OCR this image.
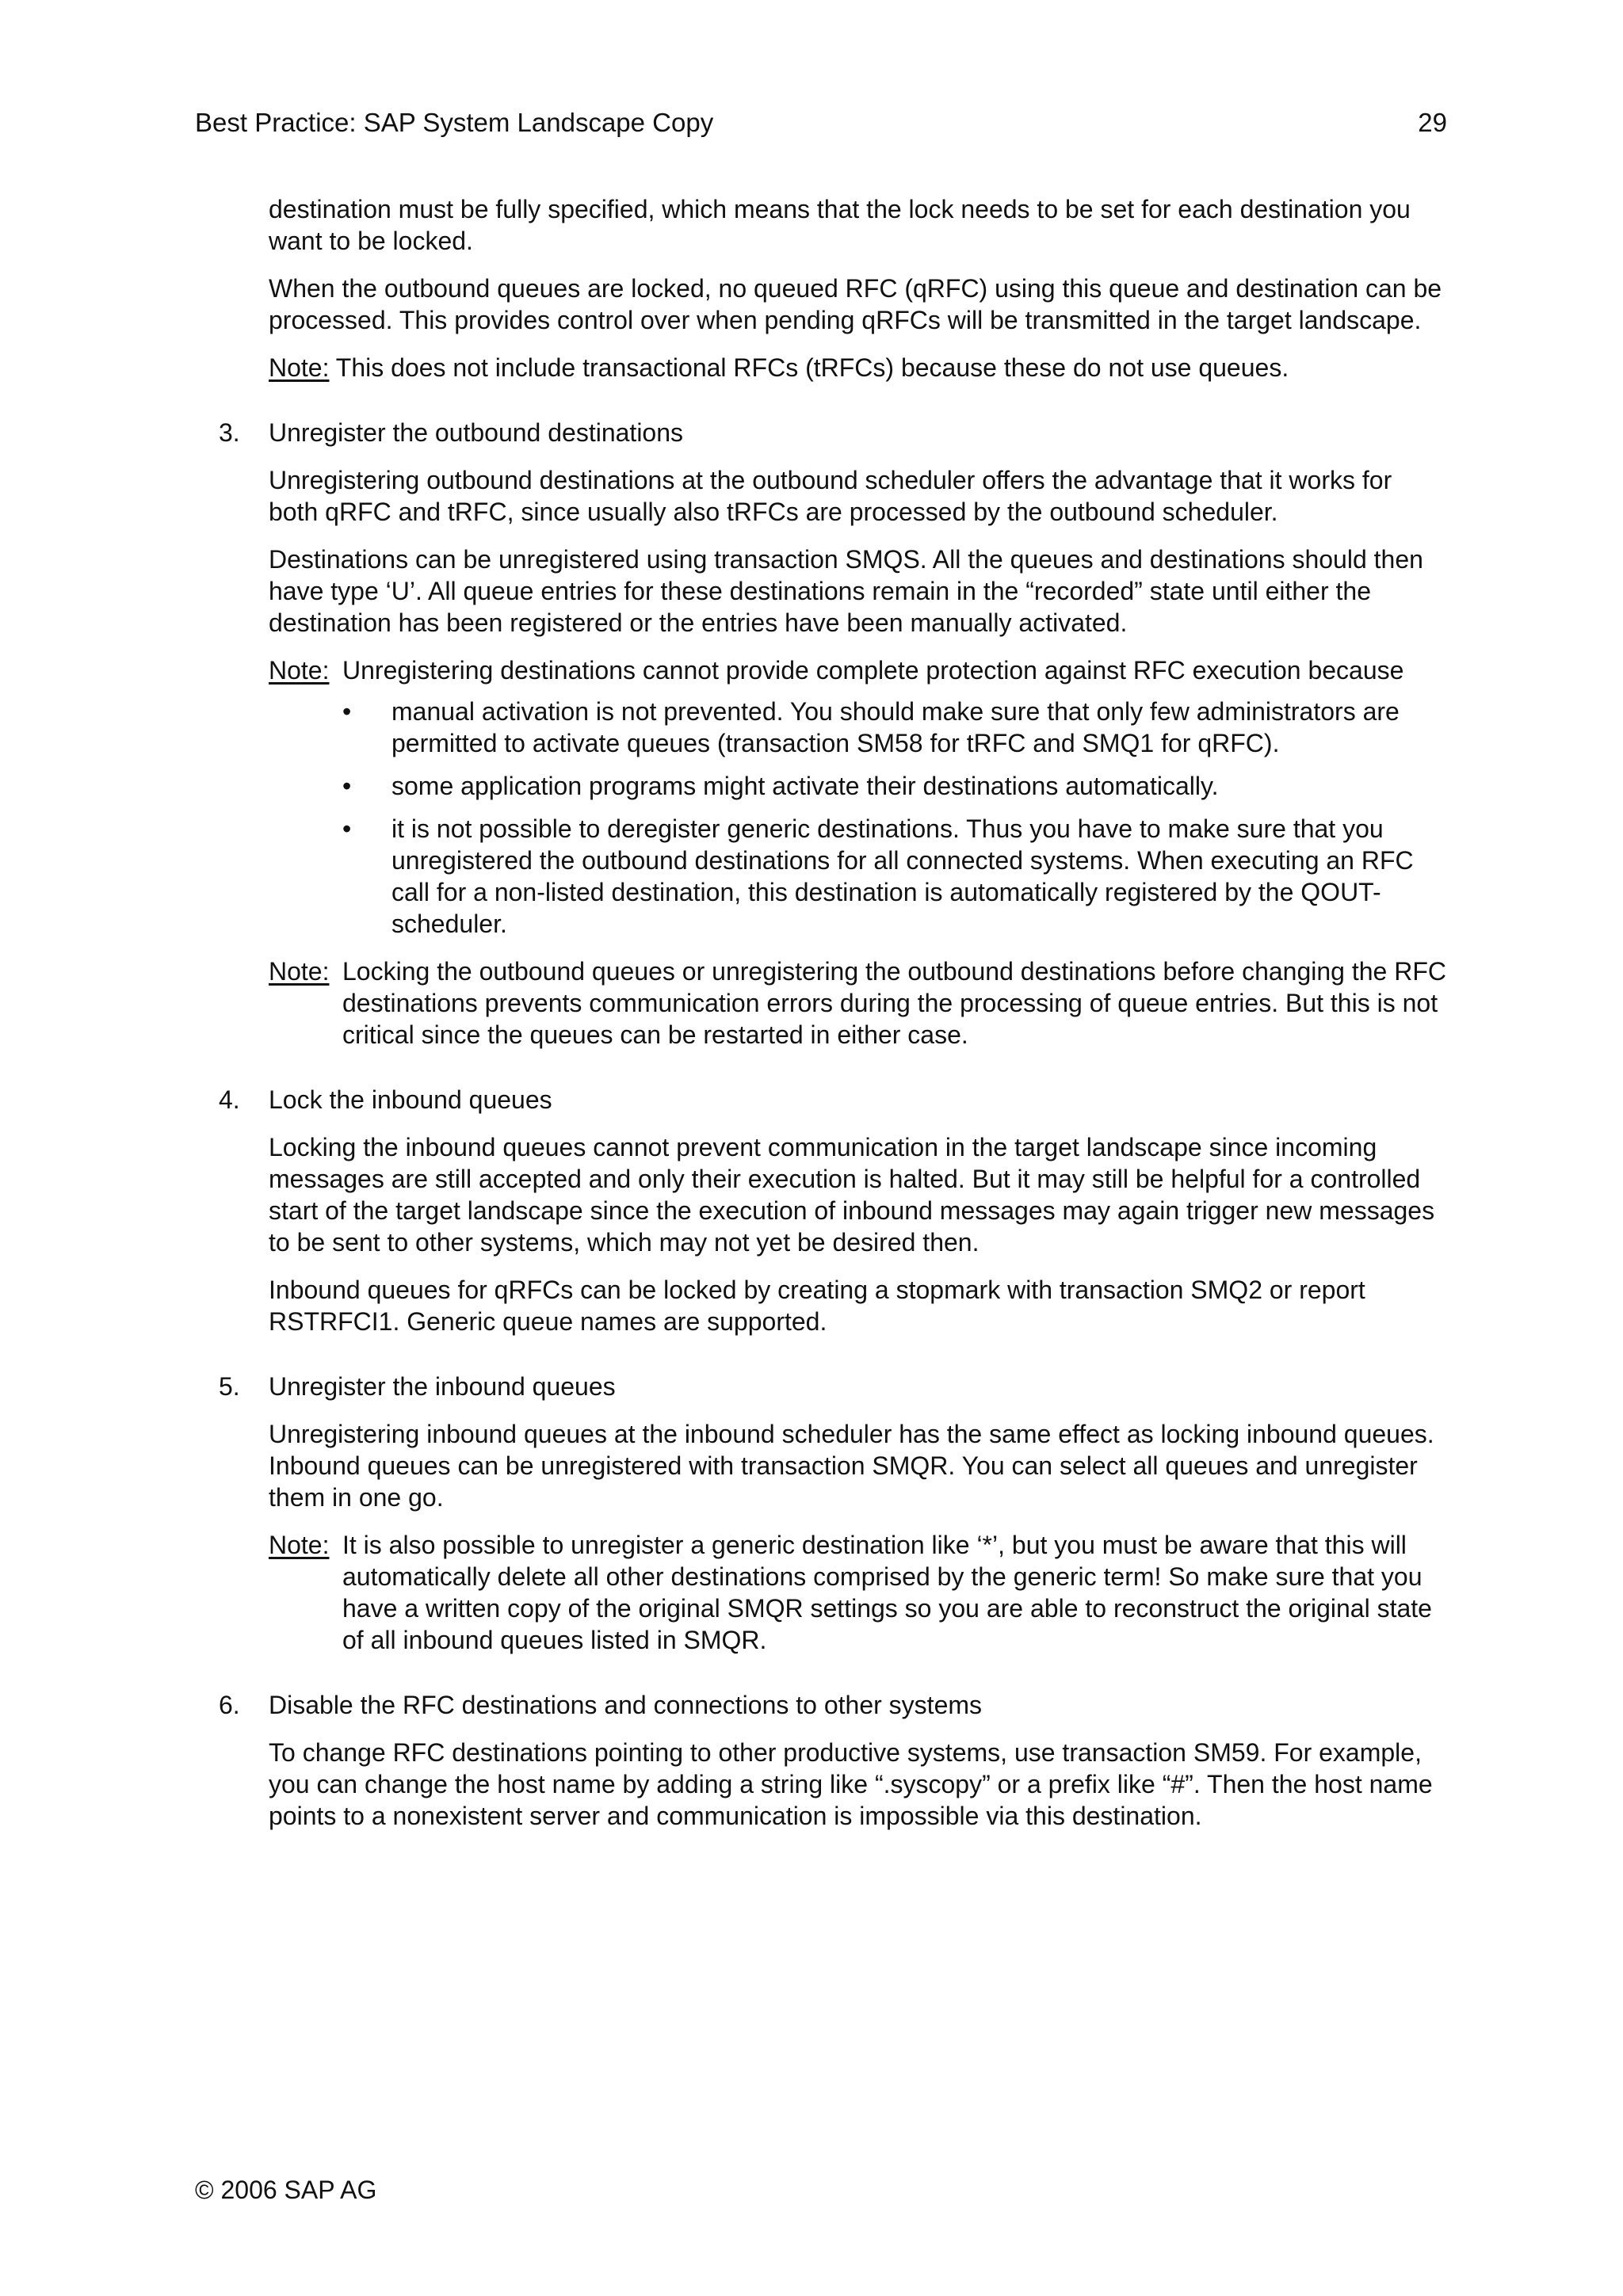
Best Practice: SAP System Landscape Copy	29

destination must be fully specified, which means that the lock needs to be set for each destination you want to be locked.

When the outbound queues are locked, no queued RFC (qRFC) using this queue and destination can be processed. This provides control over when pending qRFCs will be transmitted in the target landscape.

Note: This does not include transactional RFCs (tRFCs) because these do not use queues.
3. Unregister the outbound destinations

Unregistering outbound destinations at the outbound scheduler offers the advantage that it works for both qRFC and tRFC, since usually also tRFCs are processed by the outbound scheduler.

Destinations can be unregistered using transaction SMQS. All the queues and destinations should then have type ‘U’. All queue entries for these destinations remain in the “recorded” state until either the destination has been registered or the entries have been manually activated.

Note: Unregistering destinations cannot provide complete protection against RFC execution because

• manual activation is not prevented. You should make sure that only few administrators are permitted to activate queues (transaction SM58 for tRFC and SMQ1 for qRFC).
• some application programs might activate their destinations automatically.
• it is not possible to deregister generic destinations. Thus you have to make sure that you unregistered the outbound destinations for all connected systems. When executing an RFC call for a non-listed destination, this destination is automatically registered by the QOUT-scheduler.
Note: Locking the outbound queues or unregistering the outbound destinations before changing the RFC destinations prevents communication errors during the processing of queue entries. But this is not critical since the queues can be restarted in either case.

4. Lock the inbound queues

Locking the inbound queues cannot prevent communication in the target landscape since incoming messages are still accepted and only their execution is halted. But it may still be helpful for a controlled start of the target landscape since the execution of inbound messages may again trigger new messages to be sent to other systems, which may not yet be desired then.

Inbound queues for qRFCs can be locked by creating a stopmark with transaction SMQ2 or report RSTRFCI1. Generic queue names are supported.

5. Unregister the inbound queues

Unregistering inbound queues at the inbound scheduler has the same effect as locking inbound queues. Inbound queues can be unregistered with transaction SMQR. You can select all queues and unregister them in one go.

Note: It is also possible to unregister a generic destination like ‘*’, but you must be aware that this will automatically delete all other destinations comprised by the generic term! So make sure that you have a written copy of the original SMQR settings so you are able to reconstruct the original state of all inbound queues listed in SMQR.

6. Disable the RFC destinations and connections to other systems

To change RFC destinations pointing to other productive systems, use transaction SM59. For example, you can change the host name by adding a string like “.syscopy” or a prefix like “#”. Then the host name points to a nonexistent server and communication is impossible via this destination.

© 2006 SAP AG
